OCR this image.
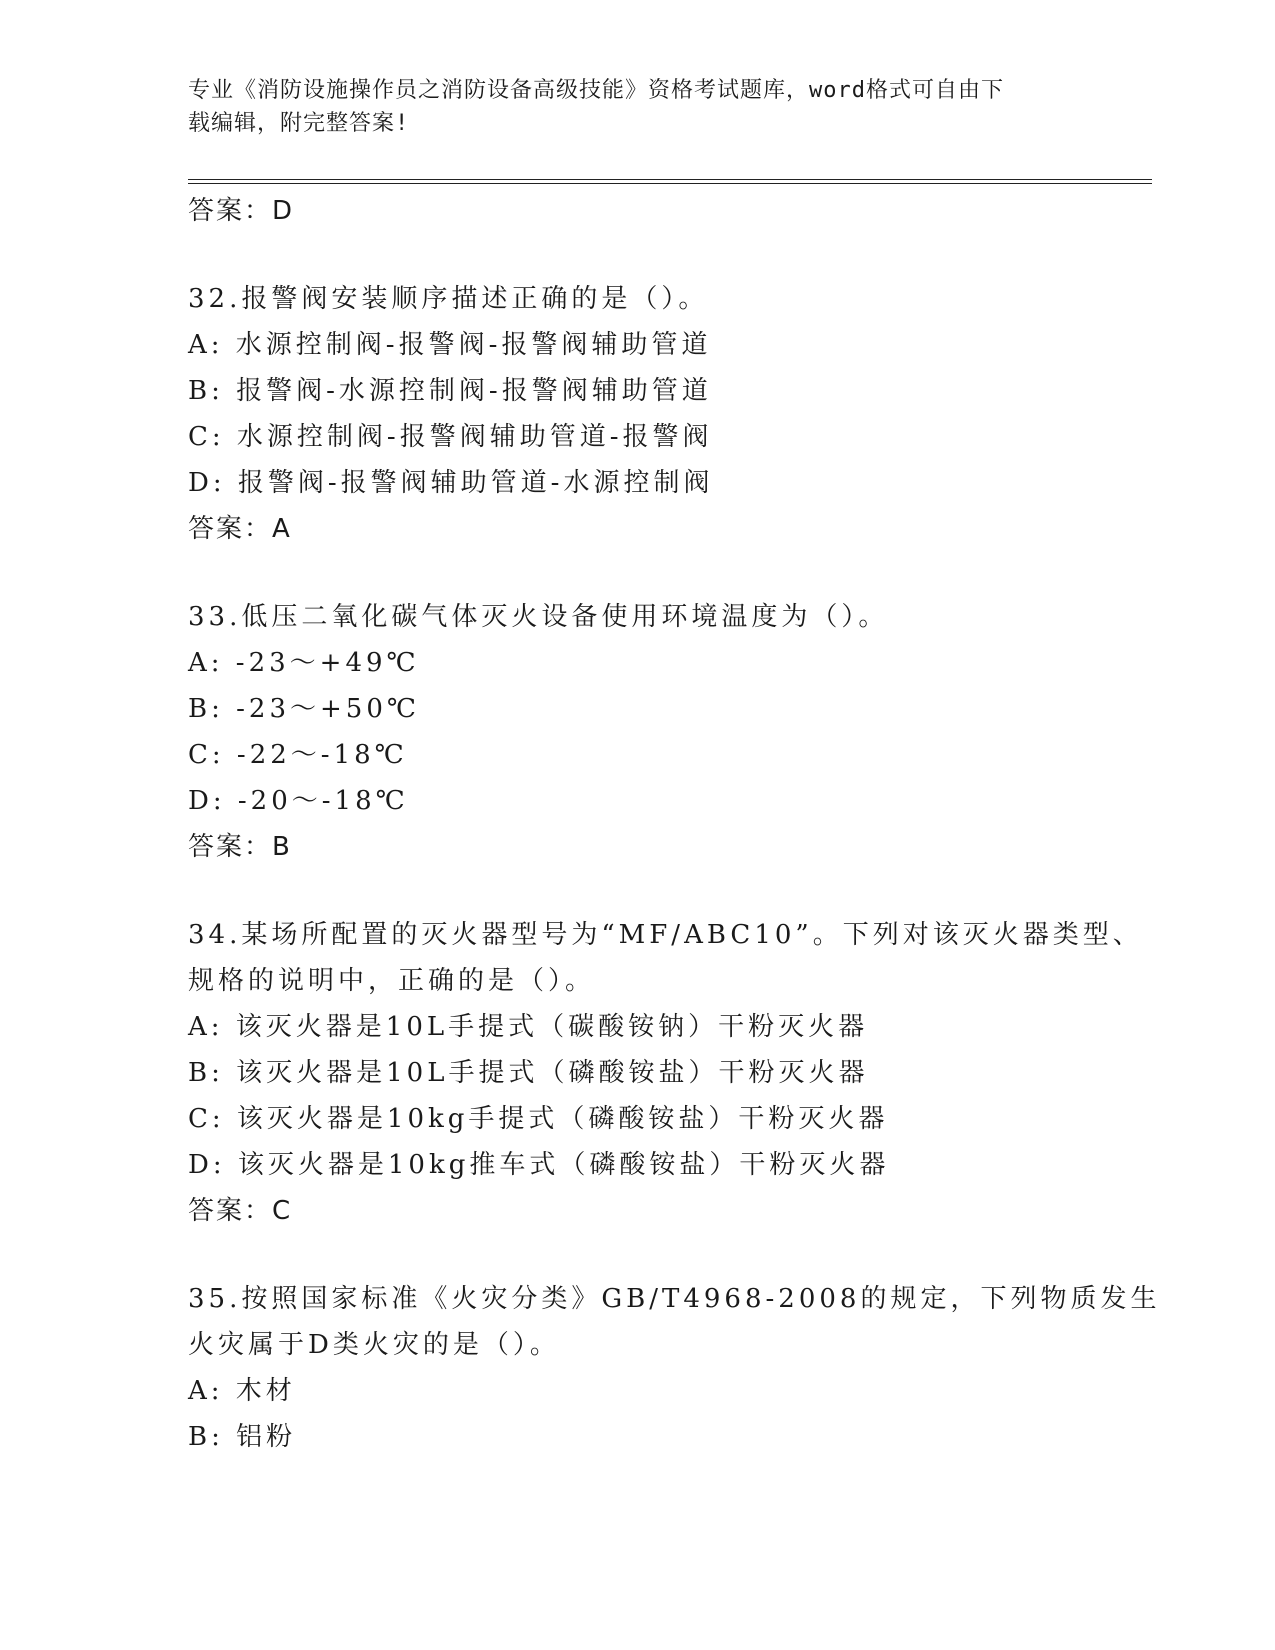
专业《消防设施操作员之消防设备高级技能》资格考试题库，word格式可自由下
载编辑，附完整答案!
答案：D
32.报警阀安装顺序描述正确的是（）。
A: 水源控制阀-报警阀-报警阀辅助管道
B: 报警阀-水源控制阀-报警阀辅助管道
C: 水源控制阀-报警阀辅助管道-报警阀
D: 报警阀-报警阀辅助管道-水源控制阀
答案：A
33.低压二氧化碳气体灭火设备使用环境温度为（）。
A: -23～+49℃
B: -23～+50℃
C: -22～-18℃
D: -20～-18℃
答案：B
34.某场所配置的灭火器型号为“MF/ABC10”。下列对该灭火器类型、
规格的说明中，正确的是（）。
A: 该灭火器是10L手提式（碳酸铵钠）干粉灭火器
B: 该灭火器是10L手提式（磷酸铵盐）干粉灭火器
C: 该灭火器是10kg手提式（磷酸铵盐）干粉灭火器
D: 该灭火器是10kg推车式（磷酸铵盐）干粉灭火器
答案：C
35.按照国家标准《火灾分类》GB/T4968-2008的规定，下列物质发生
火灾属于D类火灾的是（）。
A: 木材
B: 铝粉
